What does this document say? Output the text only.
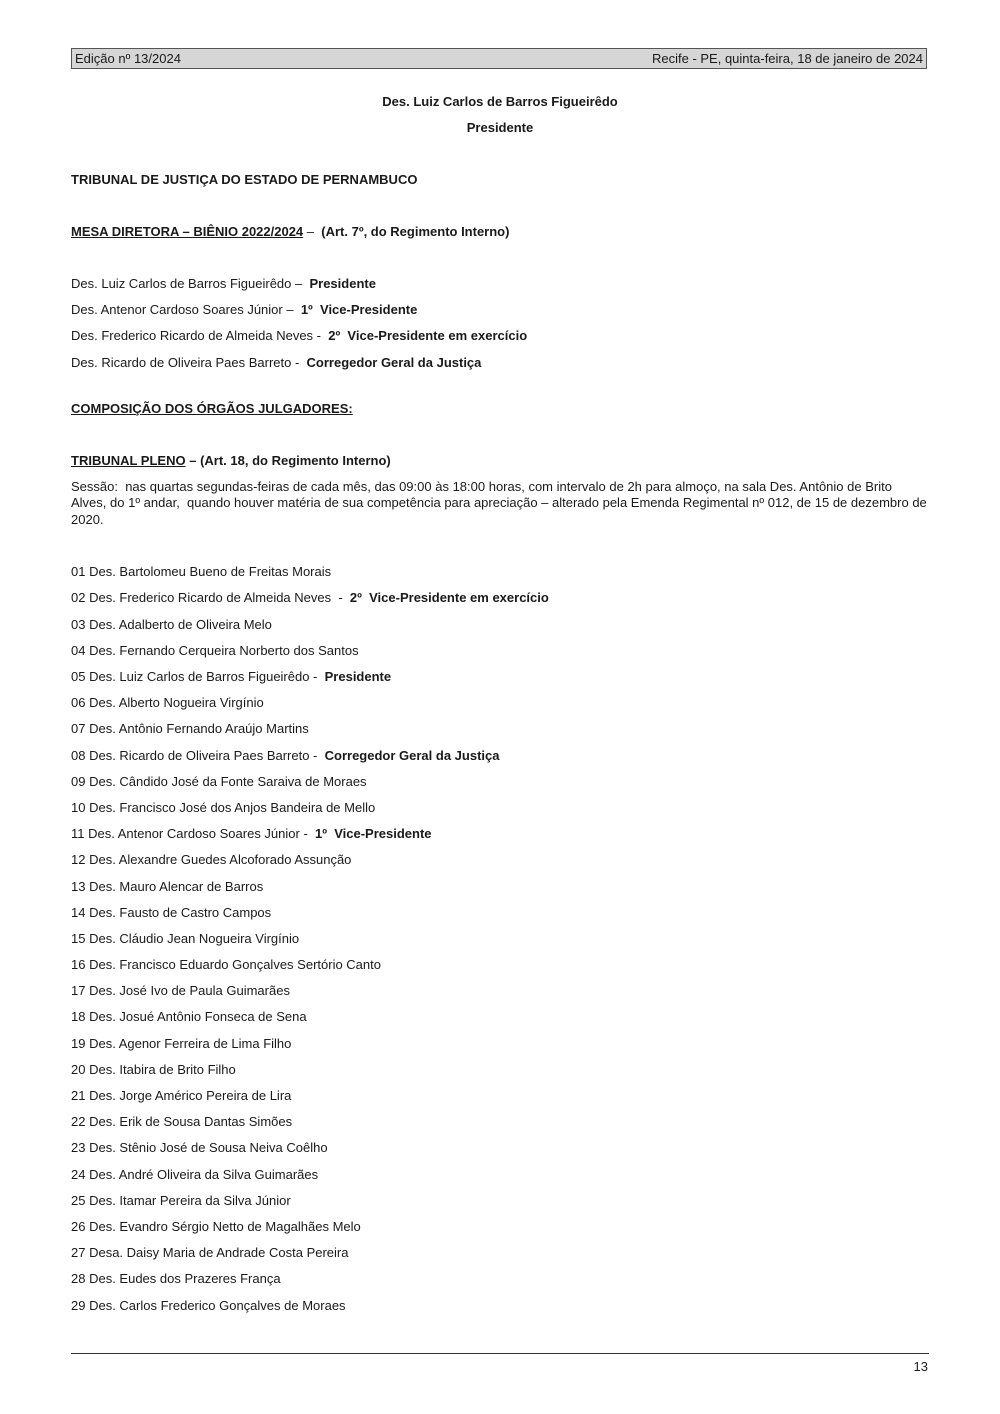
Edição nº 13/2024	Recife - PE, quinta-feira, 18 de janeiro de 2024
Des. Luiz Carlos de Barros Figueirêdo
Presidente
TRIBUNAL DE JUSTIÇA DO ESTADO DE PERNAMBUCO
MESA DIRETORA – BIÊNIO 2022/2024 –  (Art. 7º, do Regimento Interno)
Des. Luiz Carlos de Barros Figueirêdo – Presidente
Des. Antenor Cardoso Soares Júnior – 1º  Vice-Presidente
Des. Frederico Ricardo de Almeida Neves - 2º  Vice-Presidente em exercício
Des. Ricardo de Oliveira Paes Barreto - Corregedor Geral da Justiça
COMPOSIÇÃO DOS ÓRGÃOS JULGADORES:
TRIBUNAL PLENO – (Art. 18, do Regimento Interno)
Sessão:  nas quartas segundas-feiras de cada mês, das 09:00 às 18:00 horas, com intervalo de 2h para almoço, na sala Des. Antônio de Brito Alves, do 1º andar,  quando houver matéria de sua competência para apreciação – alterado pela Emenda Regimental nº 012, de 15 de dezembro de 2020.
01 Des. Bartolomeu Bueno de Freitas Morais
02 Des. Frederico Ricardo de Almeida Neves  - 2º  Vice-Presidente em exercício
03 Des. Adalberto de Oliveira Melo
04 Des. Fernando Cerqueira Norberto dos Santos
05 Des. Luiz Carlos de Barros Figueirêdo - Presidente
06 Des. Alberto Nogueira Virgínio
07 Des. Antônio Fernando Araújo Martins
08 Des. Ricardo de Oliveira Paes Barreto - Corregedor Geral da Justiça
09 Des. Cândido José da Fonte Saraiva de Moraes
10 Des. Francisco José dos Anjos Bandeira de Mello
11 Des. Antenor Cardoso Soares Júnior - 1º  Vice-Presidente
12 Des. Alexandre Guedes Alcoforado Assunção
13 Des. Mauro Alencar de Barros
14 Des. Fausto de Castro Campos
15 Des. Cláudio Jean Nogueira Virgínio
16 Des. Francisco Eduardo Gonçalves Sertório Canto
17 Des. José Ivo de Paula Guimarães
18 Des. Josué Antônio Fonseca de Sena
19 Des. Agenor Ferreira de Lima Filho
20 Des. Itabira de Brito Filho
21 Des. Jorge Américo Pereira de Lira
22 Des. Erik de Sousa Dantas Simões
23 Des. Stênio José de Sousa Neiva Coêlho
24 Des. André Oliveira da Silva Guimarães
25 Des. Itamar Pereira da Silva Júnior
26 Des. Evandro Sérgio Netto de Magalhães Melo
27 Desa. Daisy Maria de Andrade Costa Pereira
28 Des. Eudes dos Prazeres França
29 Des. Carlos Frederico Gonçalves de Moraes
13
